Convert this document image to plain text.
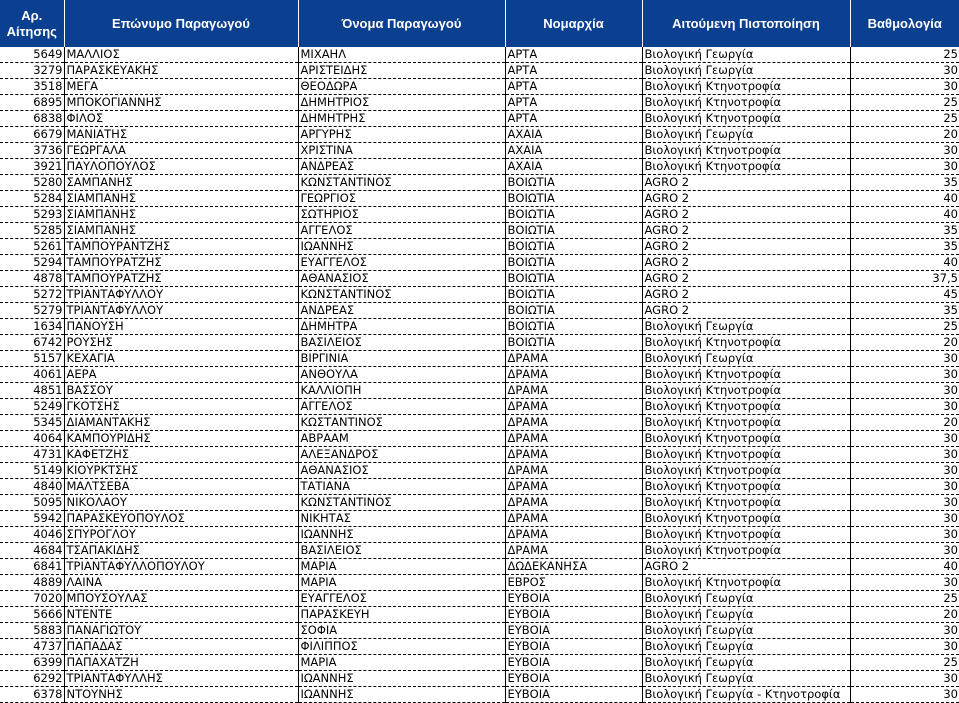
Αρ. Αίτησης	Επώνυμο Παραγωγού	Όνομα Παραγωγού	Νομαρχία	Αιτούμενη Πιστοποίηση	Βαθμολογία
5649	ΜΑΛΛΙΟΣ	ΜΙΧΑΗΛ	ΑΡΤΑ	Βιολογική Γεωργία	25
3279	ΠΑΡΑΣΚΕΥΑΚΗΣ	ΑΡΙΣΤΕΙΔΗΣ	ΑΡΤΑ	Βιολογική Γεωργία	30
3518	ΜΕΓΑ	ΘΕΟΔΩΡΑ	ΑΡΤΑ	Βιολογική Κτηνοτροφία	30
6895	ΜΠΟΚΟΓΙΑΝΝΗΣ	ΔΗΜΗΤΡΙΟΣ	ΑΡΤΑ	Βιολογική Κτηνοτροφία	25
6838	ΦΙΛΟΣ	ΔΗΜΗΤΡΗΣ	ΑΡΤΑ	Βιολογική Κτηνοτροφία	25
6679	ΜΑΝΙΑΤΗΣ	ΑΡΓΥΡΗΣ	ΑΧΑΙΑ	Βιολογική Γεωργία	20
3736	ΓΕΩΡΓΑΛΑ	ΧΡΙΣΤΙΝΑ	ΑΧΑΙΑ	Βιολογική Κτηνοτροφία	30
3921	ΠΑΥΛΟΠΟΥΛΟΣ	ΑΝΔΡΕΑΣ	ΑΧΑΙΑ	Βιολογική Κτηνοτροφία	30
5280	ΣΑΜΠΑΝΗΣ	ΚΩΝΣΤΑΝΤΙΝΟΣ	ΒΟΙΩΤΙΑ	AGRO 2	35
5284	ΣΙΑΜΠΑΝΗΣ	ΓΕΩΡΓΙΟΣ	ΒΟΙΩΤΙΑ	AGRO 2	40
5293	ΣΙΑΜΠΑΝΗΣ	ΣΩΤΗΡΙΟΣ	ΒΟΙΩΤΙΑ	AGRO 2	40
5285	ΣΙΑΜΠΑΝΗΣ	ΑΓΓΕΛΟΣ	ΒΟΙΩΤΙΑ	AGRO 2	35
5261	ΤΑΜΠΟΥΡΑΝΤΖΗΣ	ΙΩΑΝΝΗΣ	ΒΟΙΩΤΙΑ	AGRO 2	35
5294	ΤΑΜΠΟΥΡΑΤΖΗΣ	ΕΥΑΓΓΕΛΟΣ	ΒΟΙΩΤΙΑ	AGRO 2	40
4878	ΤΑΜΠΟΥΡΑΤΖΗΣ	ΑΘΑΝΑΣΙΟΣ	ΒΟΙΩΤΙΑ	AGRO 2	37,5
5272	ΤΡΙΑΝΤΑΦΥΛΛΟΥ	ΚΩΝΣΤΑΝΤΙΝΟΣ	ΒΟΙΩΤΙΑ	AGRO 2	45
5279	ΤΡΙΑΝΤΑΦΥΛΛΟΥ	ΑΝΔΡΕΑΣ	ΒΟΙΩΤΙΑ	AGRO 2	35
1634	ΠΑΝΟΥΣΗ	ΔΗΜΗΤΡΑ	ΒΟΙΩΤΙΑ	Βιολογική Γεωργία	25
6742	ΡΟΥΣΗΣ	ΒΑΣΙΛΕΙΟΣ	ΒΟΙΩΤΙΑ	Βιολογική Κτηνοτροφία	20
5157	ΚΕΧΑΓΙΑ	ΒΙΡΓΙΝΙΑ	ΔΡΑΜΑ	Βιολογική Γεωργία	30
4061	ΑΕΡΑ	ΑΝΘΟΥΛΑ	ΔΡΑΜΑ	Βιολογική Κτηνοτροφία	30
4851	ΒΑΣΣΟΥ	ΚΑΛΛΙΟΠΗ	ΔΡΑΜΑ	Βιολογική Κτηνοτροφία	30
5249	ΓΚΟΤΣΗΣ	ΑΓΓΕΛΟΣ	ΔΡΑΜΑ	Βιολογική Κτηνοτροφία	30
5345	ΔΙΑΜΑΝΤΑΚΗΣ	ΚΩΣΤΑΝΤΙΝΟΣ	ΔΡΑΜΑ	Βιολογική Κτηνοτροφία	20
4064	ΚΑΜΠΟΥΡΙΔΗΣ	ΑΒΡΑΑΜ	ΔΡΑΜΑ	Βιολογική Κτηνοτροφία	30
4731	ΚΑΦΕΤΖΗΣ	ΑΛΕΞΑΝΔΡΟΣ	ΔΡΑΜΑ	Βιολογική Κτηνοτροφία	30
5149	ΚΙΟΥΡΚΤΣΗΣ	ΑΘΑΝΑΣΙΟΣ	ΔΡΑΜΑ	Βιολογική Κτηνοτροφία	30
4840	ΜΑΛΤΣΕΒΑ	ΤΑΤΙΑΝΑ	ΔΡΑΜΑ	Βιολογική Κτηνοτροφία	30
5095	ΝΙΚΟΛΑΟΥ	ΚΩΝΣΤΑΝΤΙΝΟΣ	ΔΡΑΜΑ	Βιολογική Κτηνοτροφία	30
5942	ΠΑΡΑΣΚΕΥΟΠΟΥΛΟΣ	ΝΙΚΗΤΑΣ	ΔΡΑΜΑ	Βιολογική Κτηνοτροφία	30
4046	ΣΠΥΡΟΓΛΟΥ	ΙΩΑΝΝΗΣ	ΔΡΑΜΑ	Βιολογική Κτηνοτροφία	30
4684	ΤΣΑΠΑΚΙΔΗΣ	ΒΑΣΙΛΕΙΟΣ	ΔΡΑΜΑ	Βιολογική Κτηνοτροφία	30
6841	ΤΡΙΑΝΤΑΦΥΛΛΟΠΟΥΛΟΥ	ΜΑΡΙΑ	ΔΩΔΕΚΑΝΗΣΑ	AGRO 2	40
4889	ΛΑΙΝΑ	ΜΑΡΙΑ	ΕΒΡΟΣ	Βιολογική Κτηνοτροφία	30
7020	ΜΠΟΥΣΟΥΛΑΣ	ΕΥΑΓΓΕΛΟΣ	ΕΥΒΟΙΑ	Βιολογική Γεωργία	25
5666	ΝΤΕΝΤΕ	ΠΑΡΑΣΚΕΥΗ	ΕΥΒΟΙΑ	Βιολογική Γεωργία	20
5883	ΠΑΝΑΓΙΩΤΟΥ	ΣΟΦΙΑ	ΕΥΒΟΙΑ	Βιολογική Γεωργία	30
4737	ΠΑΠΑΔΑΣ	ΦΙΛΙΠΠΟΣ	ΕΥΒΟΙΑ	Βιολογική Γεωργία	30
6399	ΠΑΠΑΧΑΤΖΗ	ΜΑΡΙΑ	ΕΥΒΟΙΑ	Βιολογική Γεωργία	25
6292	ΤΡΙΑΝΤΑΦΥΛΛΗΣ	ΙΩΑΝΝΗΣ	ΕΥΒΟΙΑ	Βιολογική Γεωργία	30
6378	ΝΤΟΥΝΗΣ	ΙΩΑΝΝΗΣ	ΕΥΒΟΙΑ	Βιολογική Γεωργία - Κτηνοτροφία	30
